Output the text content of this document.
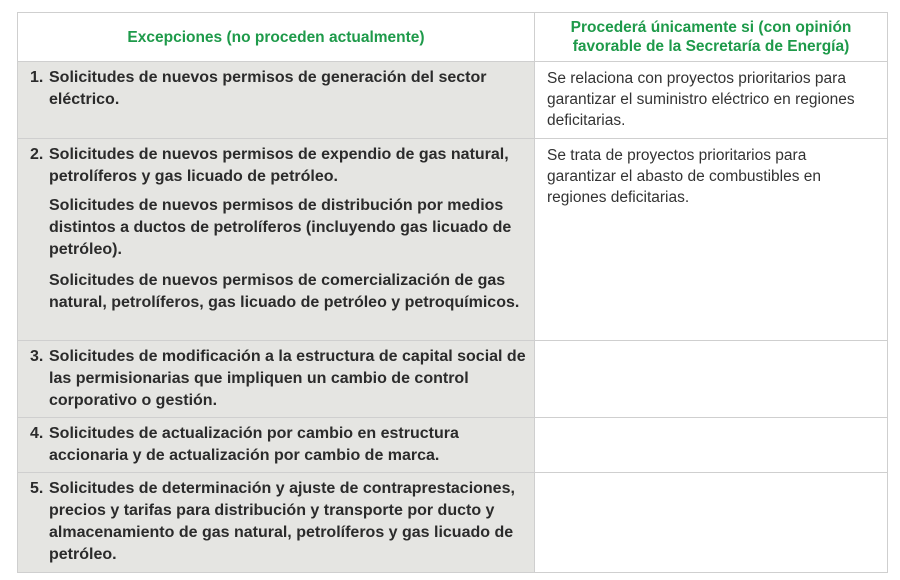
Excepciones (no proceden actualmente)	Procederá únicamente si (con opinión favorable de la Secretaría de Energía)

1. Solicitudes de nuevos permisos de generación del sector eléctrico.	Se relaciona con proyectos prioritarios para garantizar el suministro eléctrico en regiones deficitarias.

2. Solicitudes de nuevos permisos de expendio de gas natural, petrolíferos y gas licuado de petróleo.
Solicitudes de nuevos permisos de distribución por medios distintos a ductos de petrolíferos (incluyendo gas licuado de petróleo).
Solicitudes de nuevos permisos de comercialización de gas natural, petrolíferos, gas licuado de petróleo y petroquímicos.	Se trata de proyectos prioritarios para garantizar el abasto de combustibles en regiones deficitarias.

3. Solicitudes de modificación a la estructura de capital social de las permisionarias que impliquen un cambio de control corporativo o gestión.	

4. Solicitudes de actualización por cambio en estructura accionaria y de actualización por cambio de marca.	

5. Solicitudes de determinación y ajuste de contraprestaciones, precios y tarifas para distribución y transporte por ducto y almacenamiento de gas natural, petrolíferos y gas licuado de petróleo.	
